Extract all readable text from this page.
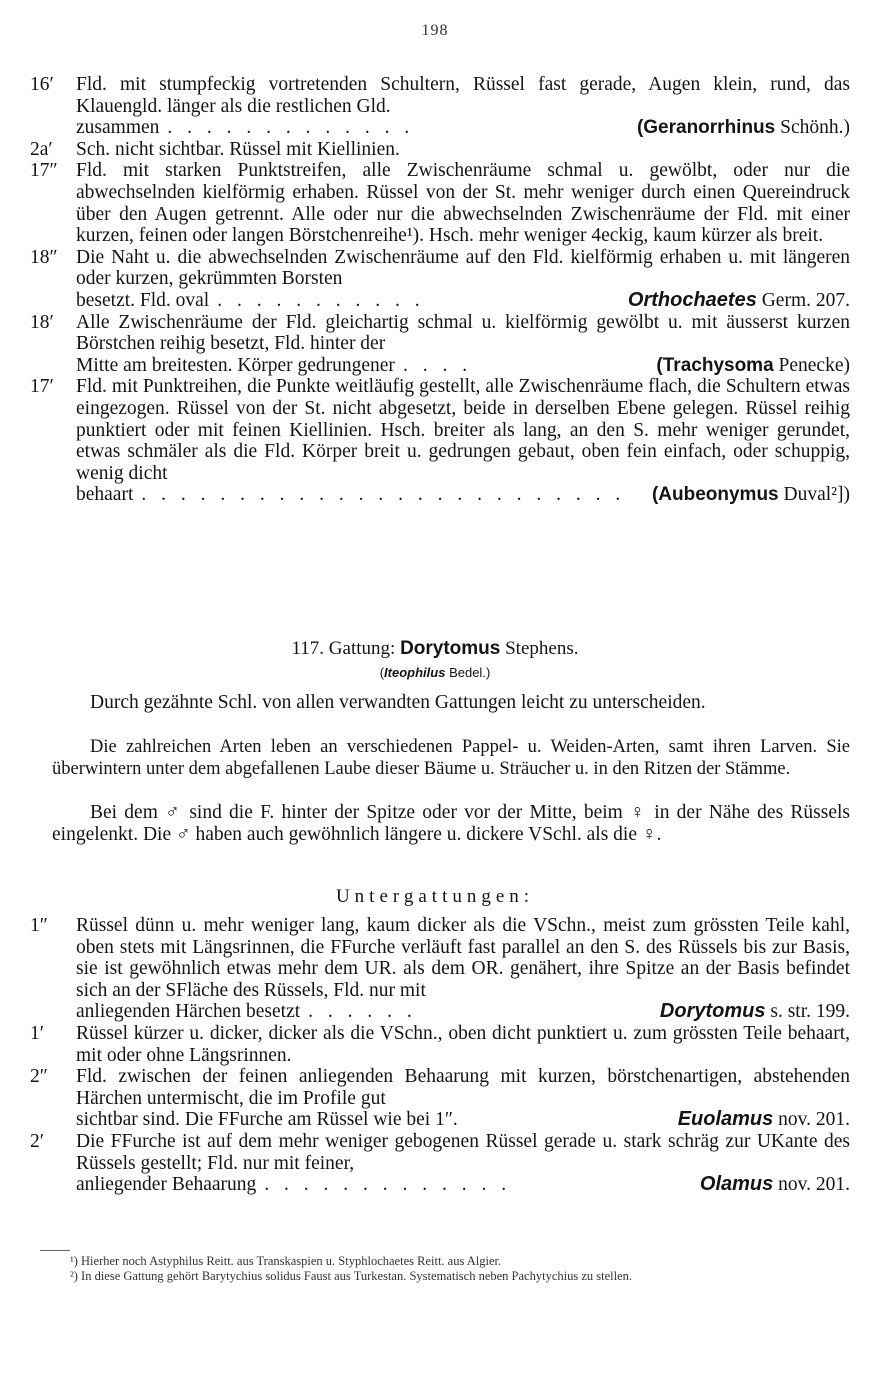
198
16′	Fld. mit stumpfeckig vortretenden Schultern, Rüssel fast gerade, Augen klein, rund, das Klauengld. länger als die restlichen Gld.
zusammen . . . . . . . . . . . . .	(Geranorrhinus Schönh.)
2a′	Sch. nicht sichtbar. Rüssel mit Kiellinien.
17″ Fld. mit starken Punktstreifen, alle Zwischenräume schmal u. gewölbt, oder nur die abwechselnden kielförmig erhaben. Rüssel von der St. mehr weniger durch einen Quereindruck über den Augen getrennt. Alle oder nur die abwechselnden Zwischenräume der Fld. mit einer kurzen, feinen oder langen Börstchenreihe¹). Hsch. mehr weniger 4eckig, kaum kürzer als breit.
18″ Die Naht u. die abwechselnden Zwischenräume auf den Fld. kielförmig erhaben u. mit längeren oder kurzen, gekrümmten Borsten
besetzt. Fld. oval . . . . . . . . . . .	Orthochaetes Germ. 207.
18′	Alle Zwischenräume der Fld. gleichartig schmal u. kielförmig gewölbt u. mit äusserst kurzen Börstchen reihig besetzt, Fld. hinter der
Mitte am breitesten. Körper gedrungener . . . .	(Trachysoma Penecke)
17′	Fld. mit Punktreihen, die Punkte weitläufig gestellt, alle Zwischenräume flach, die Schultern etwas eingezogen. Rüssel von der St. nicht abgesetzt, beide in derselben Ebene gelegen. Rüssel reihig punktiert oder mit feinen Kiellinien. Hsch. breiter als lang, an den S. mehr weniger gerundet, etwas schmäler als die Fld. Körper breit u. gedrungen gebaut, oben fein einfach, oder schuppig, wenig dicht
behaart . . . . . . . . . . . . . . . . . . . . . . . . .	(Aubeonymus Duval²])
117. Gattung: Dorytomus Stephens.
(Iteophilus Bedel.)
Durch gezähnte Schl. von allen verwandten Gattungen leicht zu unterscheiden.
Die zahlreichen Arten leben an verschiedenen Pappel- u. Weiden-Arten, samt ihren Larven. Sie überwintern unter dem abgefallenen Laube dieser Bäume u. Sträucher u. in den Ritzen der Stämme.
Bei dem ♂ sind die F. hinter der Spitze oder vor der Mitte, beim ♀ in der Nähe des Rüssels eingelenkt. Die ♂ haben auch gewöhnlich längere u. dickere VSchl. als die ♀.
Untergattungen:
1″	Rüssel dünn u. mehr weniger lang, kaum dicker als die VSchn., meist zum grössten Teile kahl, oben stets mit Längsrinnen, die FFurche verläuft fast parallel an den S. des Rüssels bis zur Basis, sie ist gewöhnlich etwas mehr dem UR. als dem OR. genähert, ihre Spitze an der Basis befindet sich an der SFläche des Rüssels, Fld. nur mit
anliegenden Härchen besetzt . . . . . .	Dorytomus s. str. 199.
1′	Rüssel kürzer u. dicker, dicker als die VSchn., oben dicht punktiert u. zum grössten Teile behaart, mit oder ohne Längsrinnen.
2″	Fld. zwischen der feinen anliegenden Behaarung mit kurzen, börstchenartigen, abstehenden Härchen untermischt, die im Profile gut
sichtbar sind. Die FFurche am Rüssel wie bei 1″.	Euolamus nov. 201.
2′	Die FFurche ist auf dem mehr weniger gebogenen Rüssel gerade u. stark schräg zur UKante des Rüssels gestellt; Fld. nur mit feiner,
anliegender Behaarung . . . . . . . . . . . . .	Olamus nov. 201.
¹) Hierher noch Astyphilus Reitt. aus Transkaspien u. Styphlochaetes Reitt. aus Algier.
²) In diese Gattung gehört Barytychius solidus Faust aus Turkestan. Systematisch neben Pachytychius zu stellen.
